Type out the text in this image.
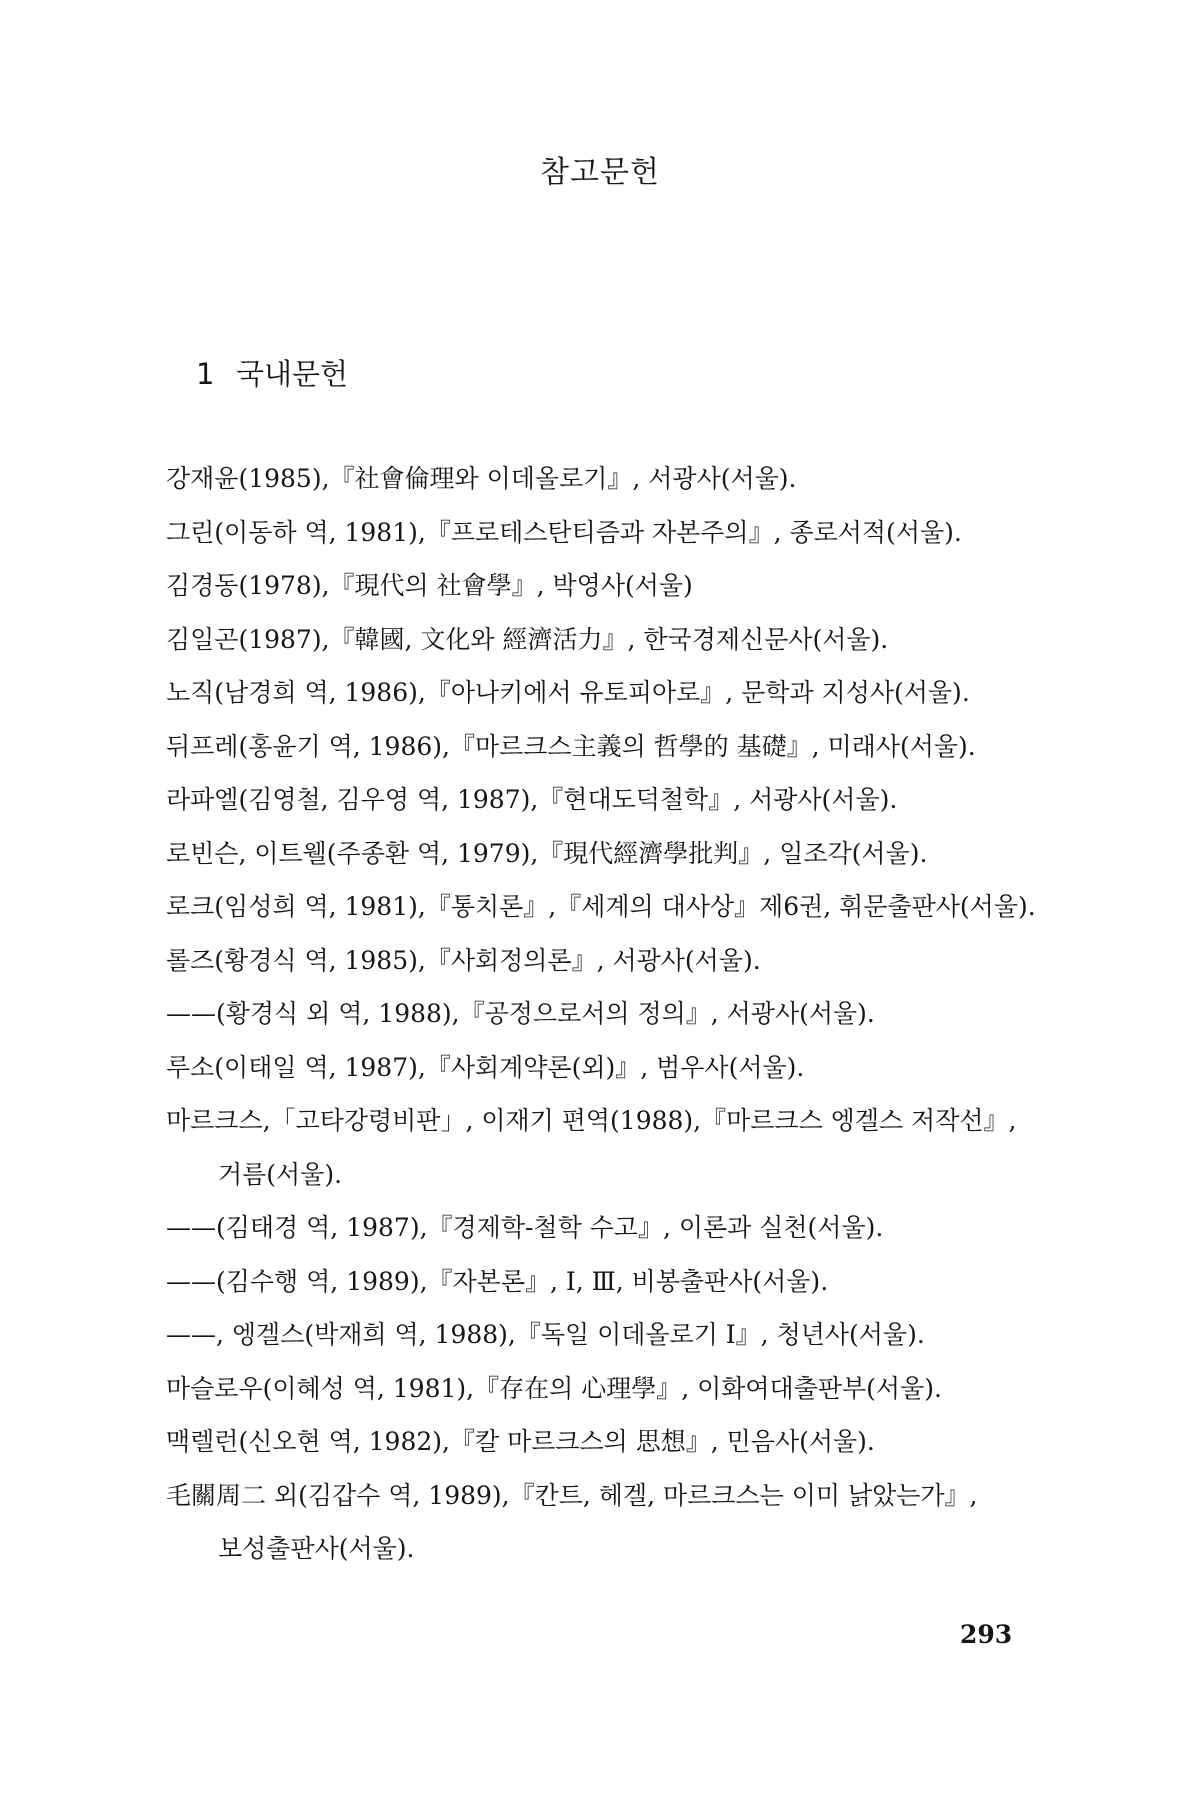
참고문헌
1 국내문헌
강재윤(1985),『社會倫理와 이데올로기』, 서광사(서울).
그린(이동하 역, 1981),『프로테스탄티즘과 자본주의』, 종로서적(서울).
김경동(1978),『現代의 社會學』, 박영사(서울)
김일곤(1987),『韓國, 文化와 經濟活力』, 한국경제신문사(서울).
노직(남경희 역, 1986),『아나키에서 유토피아로』, 문학과 지성사(서울).
뒤프레(홍윤기 역, 1986),『마르크스主義의 哲學的 基礎』, 미래사(서울).
라파엘(김영철, 김우영 역, 1987),『현대도덕철학』, 서광사(서울).
로빈슨, 이트웰(주종환 역, 1979),『現代經濟學批判』, 일조각(서울).
로크(임성희 역, 1981),『통치론』,『세계의 대사상』제6권, 휘문출판사(서울).
롤즈(황경식 역, 1985),『사회정의론』, 서광사(서울).
——(황경식 외 역, 1988),『공정으로서의 정의』, 서광사(서울).
루소(이태일 역, 1987),『사회계약론(외)』, 범우사(서울).
마르크스,「고타강령비판」, 이재기 편역(1988),『마르크스 엥겔스 저작선』, 거름(서울).
——(김태경 역, 1987),『경제학-철학 수고』, 이론과 실천(서울).
——(김수행 역, 1989),『자본론』, Ⅰ, Ⅲ, 비봉출판사(서울).
——, 엥겔스(박재희 역, 1988),『독일 이데올로기 Ⅰ』, 청년사(서울).
마슬로우(이혜성 역, 1981),『存在의 心理學』, 이화여대출판부(서울).
맥렐런(신오현 역, 1982),『칼 마르크스의 思想』, 민음사(서울).
毛關周二 외(김갑수 역, 1989),『칸트, 헤겔, 마르크스는 이미 낡았는가』, 보성출판사(서울).

293
